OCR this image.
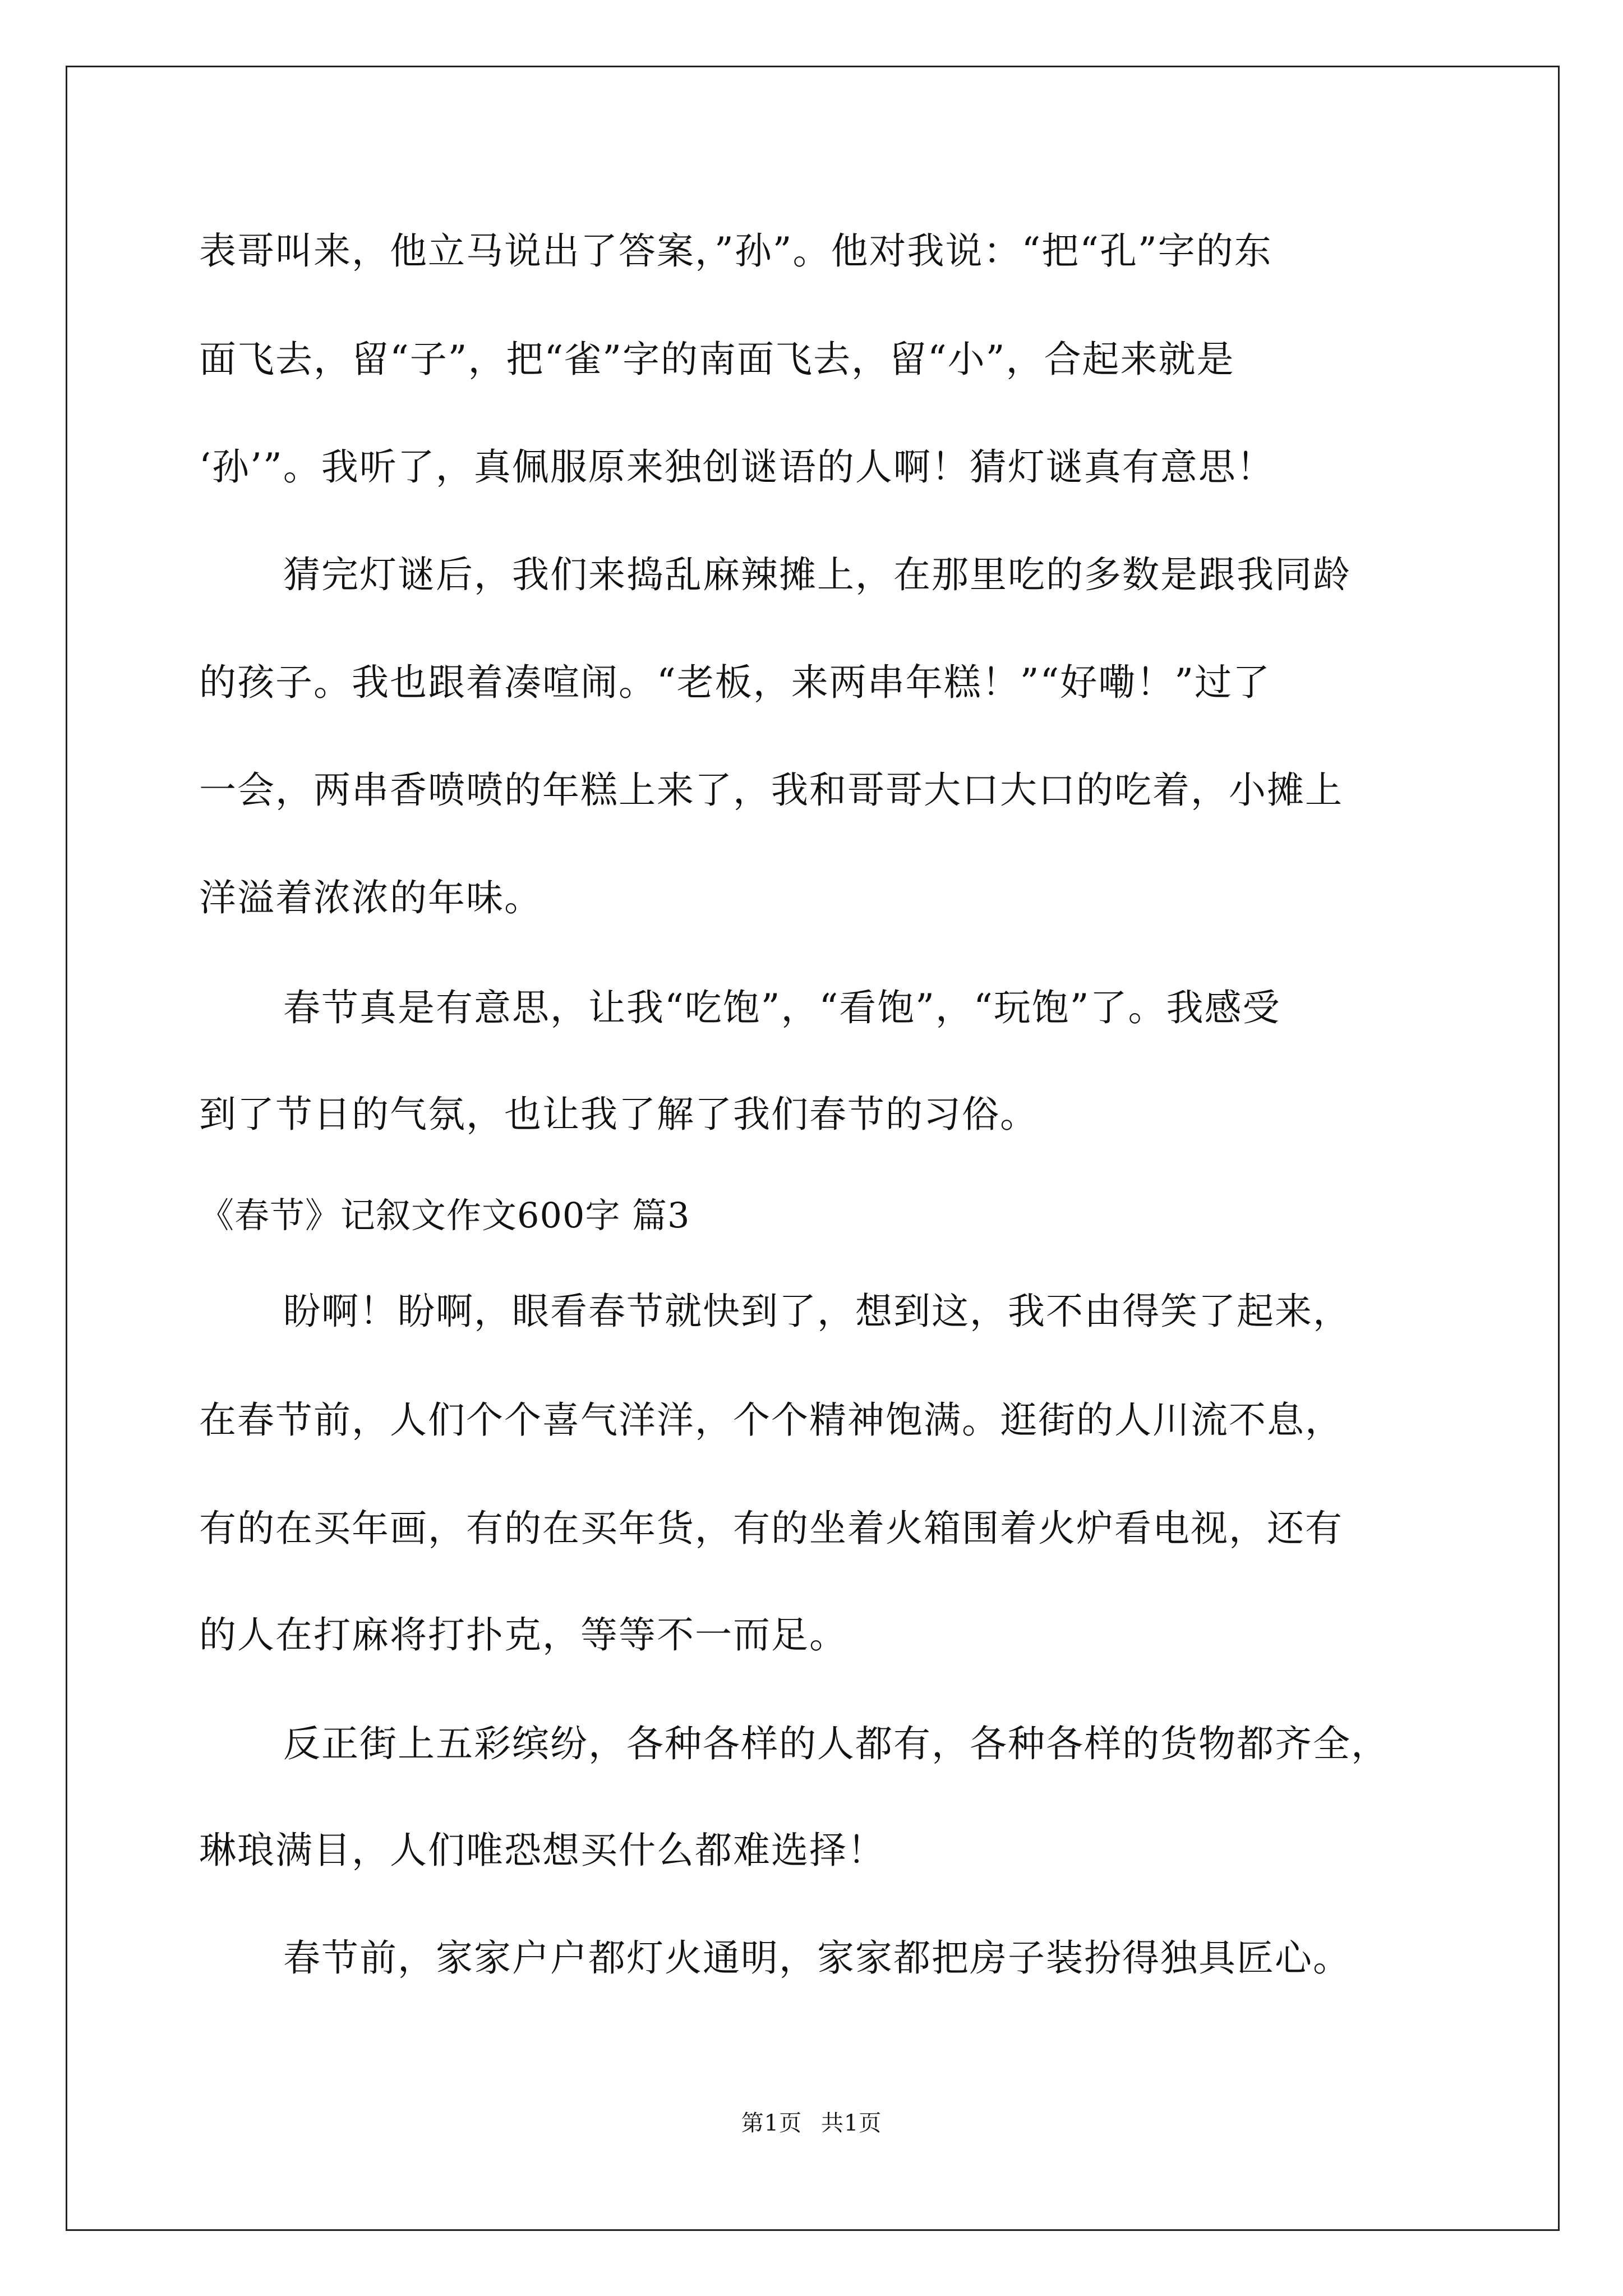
表哥叫来，他立马说出了答案，”孙”。他对我说：“把“孔”字的东

面飞去，留“子”，把“雀”字的南面飞去，留“小”，合起来就是

‘孙’”。我听了，真佩服原来独创谜语的人啊！猜灯谜真有意思！

猜完灯谜后，我们来捣乱麻辣摊上，在那里吃的多数是跟我同龄

的孩子。我也跟着凑喧闹。“老板，来两串年糕！”“好嘞！”过了

一会，两串香喷喷的年糕上来了，我和哥哥大口大口的吃着，小摊上

洋溢着浓浓的年味。

春节真是有意思，让我“吃饱”，“看饱”，“玩饱”了。我感受

到了节日的气氛，也让我了解了我们春节的习俗。

《春节》记叙文作文600字 篇3

盼啊！盼啊，眼看春节就快到了，想到这，我不由得笑了起来，

在春节前，人们个个喜气洋洋，个个精神饱满。逛街的人川流不息，

有的在买年画，有的在买年货，有的坐着火箱围着火炉看电视，还有

的人在打麻将打扑克，等等不一而足。

反正街上五彩缤纷，各种各样的人都有，各种各样的货物都齐全，

琳琅满目，人们唯恐想买什么都难选择！

春节前，家家户户都灯火通明，家家都把房子装扮得独具匠心。

第1页 共1页
